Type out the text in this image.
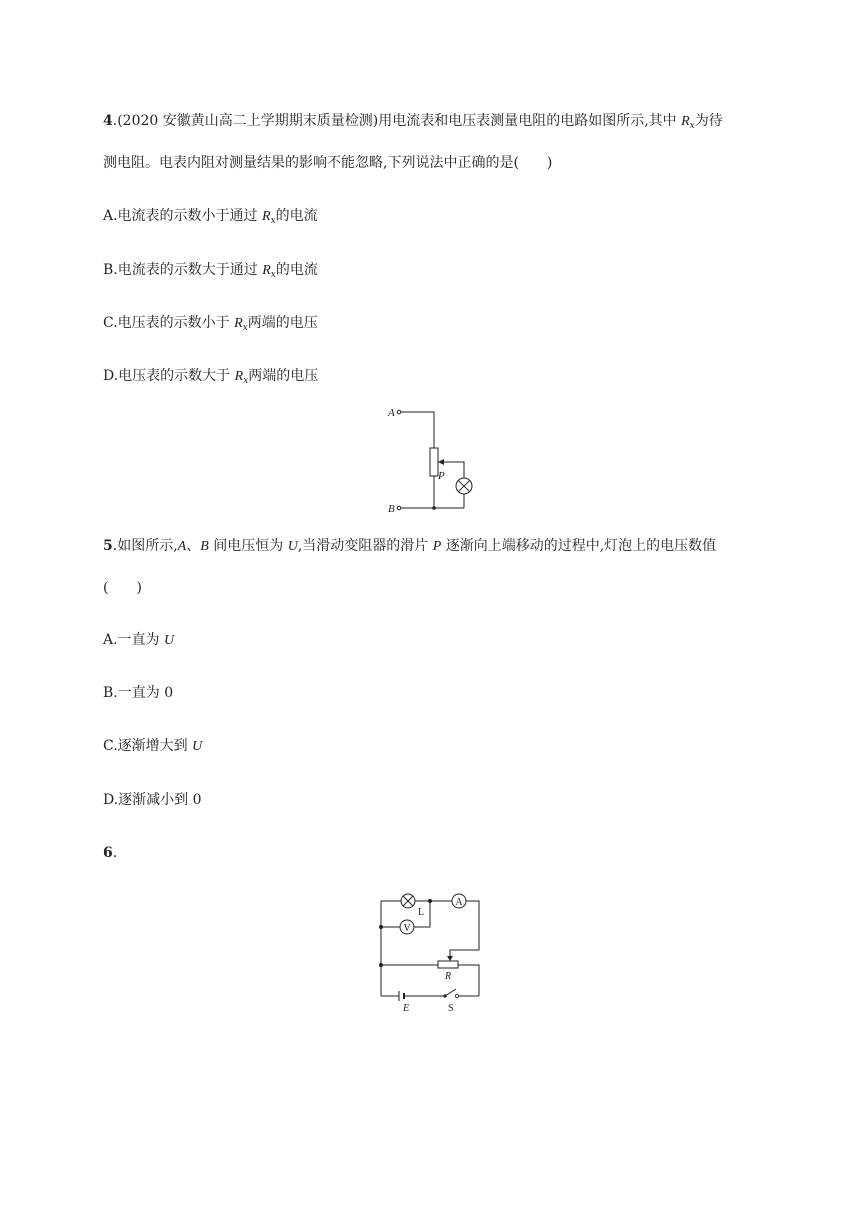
4.(2020 安徽黄山高二上学期期末质量检测)用电流表和电压表测量电阻的电路如图所示,其中 $R_x$为待
测电阻。电表内阻对测量结果的影响不能忽略,下列说法中正确的是(　　)
A.电流表的示数小于通过 $R_x$的电流
B.电流表的示数大于通过 $R_x$的电流
C.电压表的示数小于 $R_x$两端的电压
D.电压表的示数大于 $R_x$两端的电压
A
B
P
5.如图所示,A、B 间电压恒为 U,当滑动变阻器的滑片 P 逐渐向上端移动的过程中,灯泡上的电压数值
(　　)
A.一直为 U
B.一直为 0
C.逐渐增大到 U
D.逐渐减小到 0
6.
A
V
L
R
E	S
